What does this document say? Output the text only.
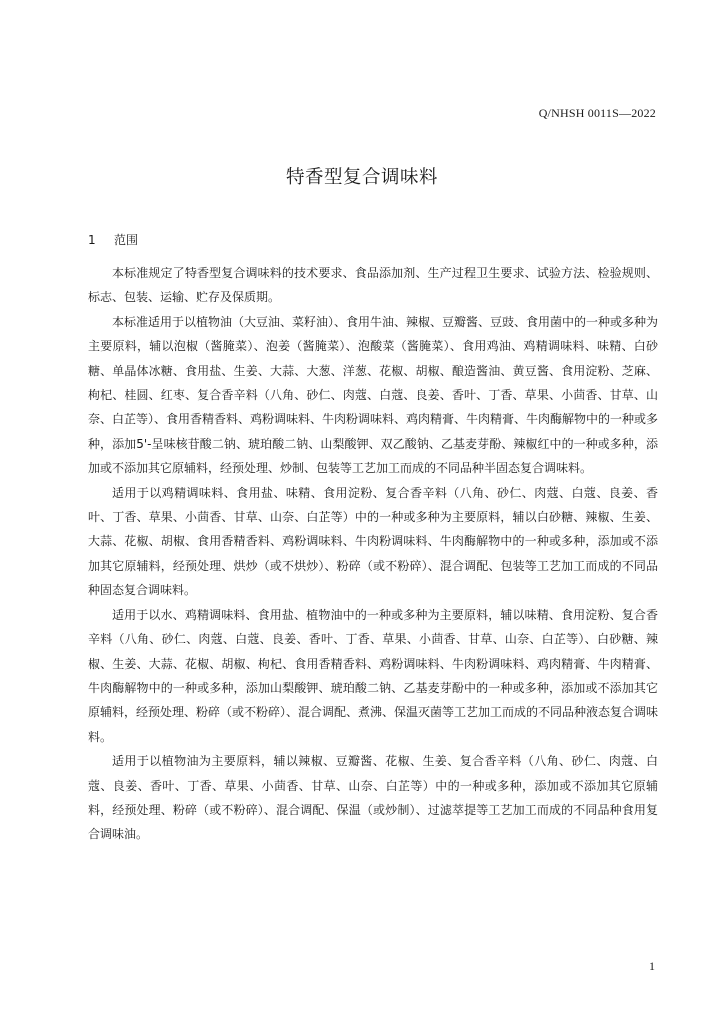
Q/NHSH 0011S—2022
特香型复合调味料
1 范围

本标准规定了特香型复合调味料的技术要求、食品添加剂、生产过程卫生要求、试验方法、检验规则、标志、包装、运输、贮存及保质期。

本标准适用于以植物油（大豆油、菜籽油）、食用牛油、辣椒、豆瓣酱、豆豉、食用菌中的一种或多种为主要原料，辅以泡椒（酱腌菜）、泡姜（酱腌菜）、泡酸菜（酱腌菜）、食用鸡油、鸡精调味料、味精、白砂糖、单晶体冰糖、食用盐、生姜、大蒜、大葱、洋葱、花椒、胡椒、酿造酱油、黄豆酱、食用淀粉、芝麻、枸杞、桂圆、红枣、复合香辛料（八角、砂仁、肉蔻、白蔻、良姜、香叶、丁香、草果、小茴香、甘草、山奈、白芷等）、食用香精香料、鸡粉调味料、牛肉粉调味料、鸡肉精膏、牛肉精膏、牛肉酶解物中的一种或多种，添加5'-呈味核苷酸二钠、琥珀酸二钠、山梨酸钾、双乙酸钠、乙基麦芽酚、辣椒红中的一种或多种，添加或不添加其它原辅料，经预处理、炒制、包装等工艺加工而成的不同品种半固态复合调味料。

适用于以鸡精调味料、食用盐、味精、食用淀粉、复合香辛料（八角、砂仁、肉蔻、白蔻、良姜、香叶、丁香、草果、小茴香、甘草、山奈、白芷等）中的一种或多种为主要原料，辅以白砂糖、辣椒、生姜、大蒜、花椒、胡椒、食用香精香料、鸡粉调味料、牛肉粉调味料、牛肉酶解物中的一种或多种，添加或不添加其它原辅料，经预处理、烘炒（或不烘炒）、粉碎（或不粉碎）、混合调配、包装等工艺加工而成的不同品种固态复合调味料。

适用于以水、鸡精调味料、食用盐、植物油中的一种或多种为主要原料，辅以味精、食用淀粉、复合香辛料（八角、砂仁、肉蔻、白蔻、良姜、香叶、丁香、草果、小茴香、甘草、山奈、白芷等）、白砂糖、辣椒、生姜、大蒜、花椒、胡椒、枸杞、食用香精香料、鸡粉调味料、牛肉粉调味料、鸡肉精膏、牛肉精膏、牛肉酶解物中的一种或多种，添加山梨酸钾、琥珀酸二钠、乙基麦芽酚中的一种或多种，添加或不添加其它原辅料，经预处理、粉碎（或不粉碎）、混合调配、煮沸、保温灭菌等工艺加工而成的不同品种液态复合调味料。

适用于以植物油为主要原料，辅以辣椒、豆瓣酱、花椒、生姜、复合香辛料（八角、砂仁、肉蔻、白蔻、良姜、香叶、丁香、草果、小茴香、甘草、山奈、白芷等）中的一种或多种，添加或不添加其它原辅料，经预处理、粉碎（或不粉碎）、混合调配、保温（或炒制）、过滤萃提等工艺加工而成的不同品种食用复合调味油。

1
